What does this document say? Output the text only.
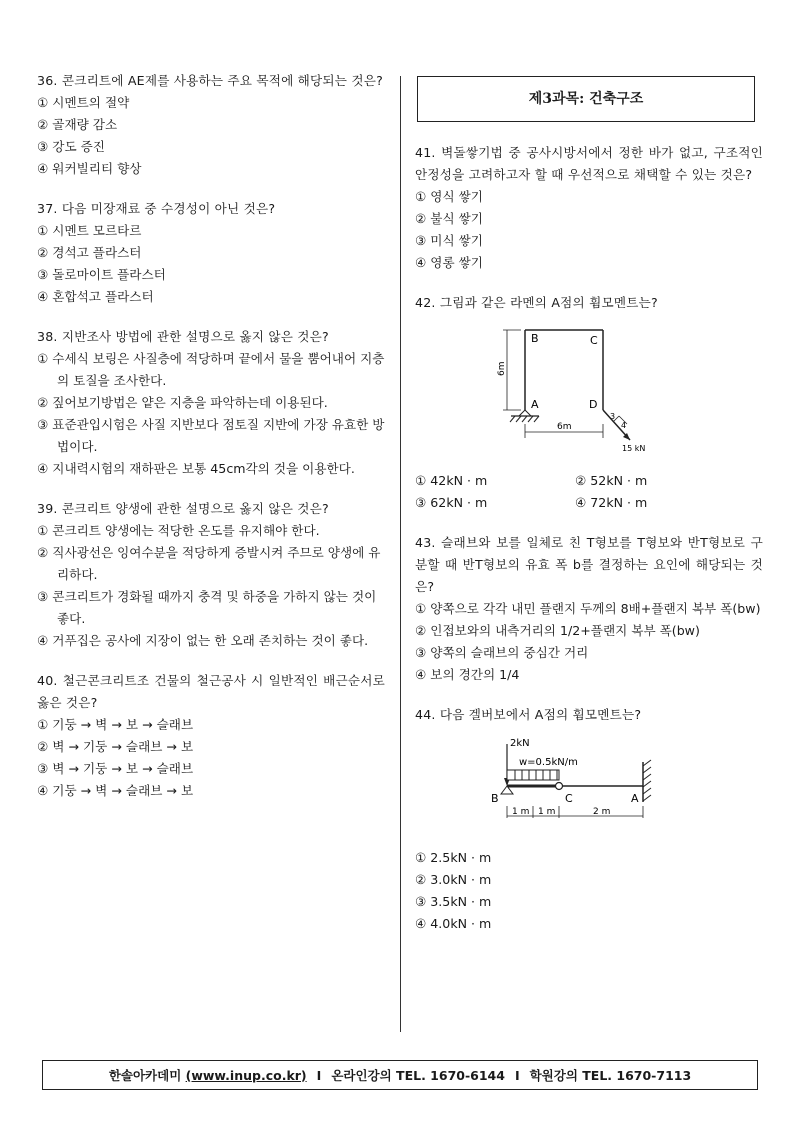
36. 콘크리트에 AE제를 사용하는 주요 목적에 해당되는 것은?
① 시멘트의 절약
② 골재량 감소
③ 강도 증진
④ 워커빌리티 향상
37. 다음 미장재료 중 수경성이 아닌 것은?
① 시멘트 모르타르
② 경석고 플라스터
③ 돌로마이트 플라스터
④ 혼합석고 플라스터
38. 지반조사 방법에 관한 설명으로 옳지 않은 것은?
① 수세식 보링은 사질층에 적당하며 끝에서 물을 뿜어내어 지층의 토질을 조사한다.
② 짚어보기방법은 얕은 지층을 파악하는데 이용된다.
③ 표준관입시험은 사질 지반보다 점토질 지반에 가장 유효한 방법이다.
④ 지내력시험의 재하판은 보통 45cm각의 것을 이용한다.
39. 콘크리트 양생에 관한 설명으로 옳지 않은 것은?
① 콘크리트 양생에는 적당한 온도를 유지해야 한다.
② 직사광선은 잉여수분을 적당하게 증발시켜 주므로 양생에 유리하다.
③ 콘크리트가 경화될 때까지 충격 및 하중을 가하지 않는 것이 좋다.
④ 거푸집은 공사에 지장이 없는 한 오래 존치하는 것이 좋다.
40. 철근콘크리트조 건물의 철근공사 시 일반적인 배근순서로 옳은 것은?
① 기둥 → 벽 → 보 → 슬래브
② 벽 → 기둥 → 슬래브 → 보
③ 벽 → 기둥 → 보 → 슬래브
④ 기둥 → 벽 → 슬래브 → 보
제3과목: 건축구조
41. 벽돌쌓기법 중 공사시방서에서 정한 바가 없고, 구조적인 안정성을 고려하고자 할 때 우선적으로 채택할 수 있는 것은?
① 영식 쌓기
② 불식 쌓기
③ 미식 쌓기
④ 영롱 쌓기
42. 그림과 같은 라멘의 A점의 휨모멘트는?
B	C
A	D
6m
6m
3
4
15 kN
① 42kN · m	② 52kN · m
③ 62kN · m	④ 72kN · m
43. 슬래브와 보를 일체로 친 T형보를 T형보와 반T형보로 구분할 때 반T형보의 유효 폭 b를 결정하는 요인에 해당되는 것은?
① 양쪽으로 각각 내민 플랜지 두께의 8배+플랜지 복부 폭(bw)
② 인접보와의 내측거리의 1/2+플랜지 복부 폭(bw)
③ 양쪽의 슬래브의 중심간 거리
④ 보의 경간의 1/4
44. 다음 겔버보에서 A점의 휨모멘트는?
2kN
w=0.5kN/m
B	C	A
1 m 1 m	2 m
① 2.5kN · m
② 3.0kN · m
③ 3.5kN · m
④ 4.0kN · m
한솔아카데미
(www.inup.co.kr) I 온라인강의 TEL. 1670-6144 I 학원강의 TEL. 1670-7113
